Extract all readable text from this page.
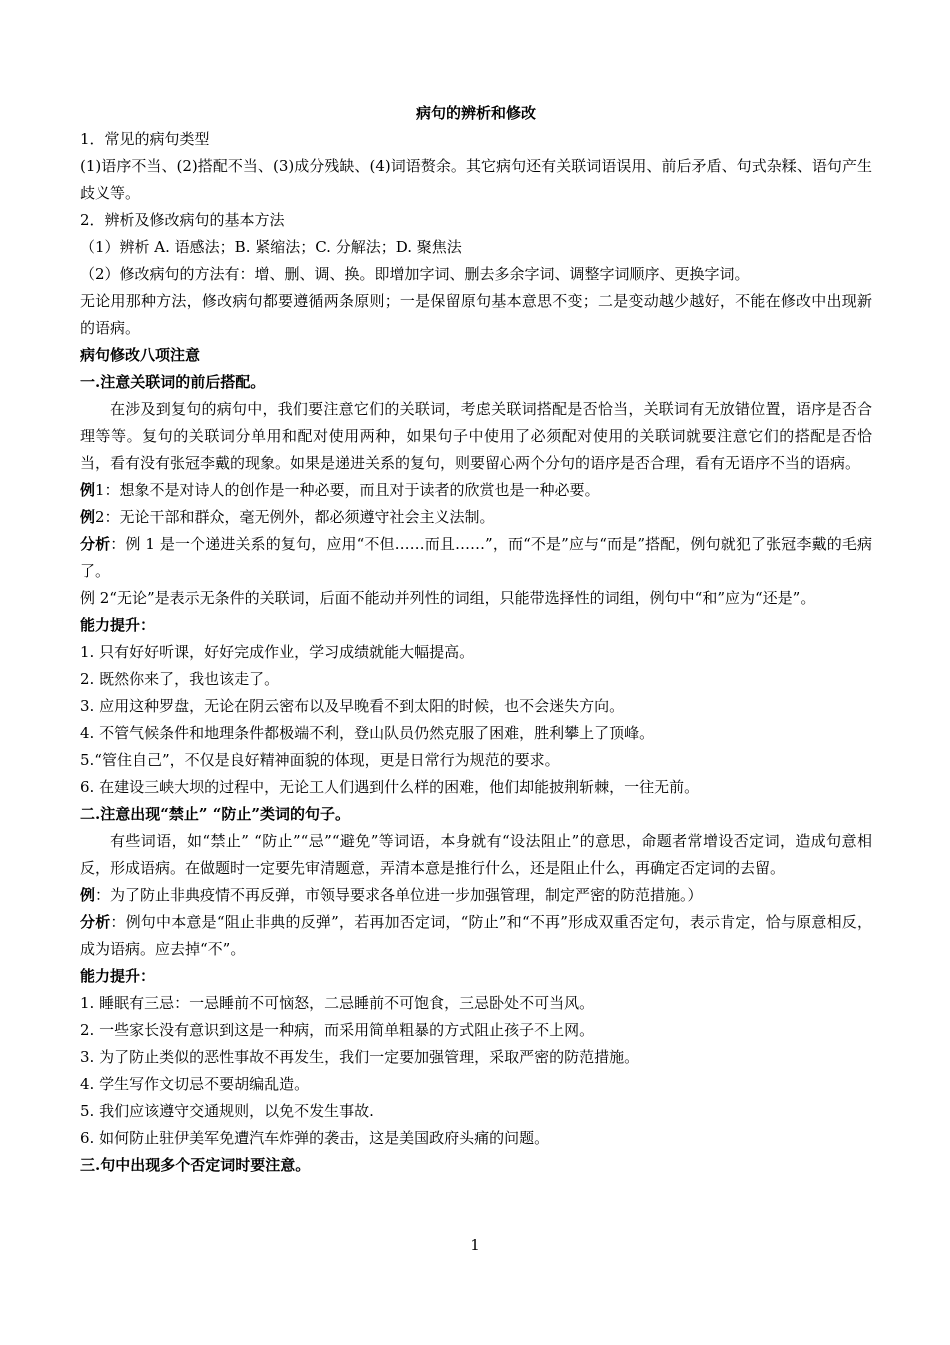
病句的辨析和修改

1．常见的病句类型

(1)语序不当、(2)搭配不当、(3)成分残缺、(4)词语赘余。其它病句还有关联词语误用、前后矛盾、句式杂糅、语句产生歧义等。

2．辨析及修改病句的基本方法

（1）辨析 A. 语感法；B. 紧缩法；C. 分解法；D. 聚焦法

（2）修改病句的方法有：增、删、调、换。即增加字词、删去多余字词、调整字词顺序、更换字词。

无论用那种方法，修改病句都要遵循两条原则；一是保留原句基本意思不变；二是变动越少越好，不能在修改中出现新的语病。

病句修改八项注意

一.注意关联词的前后搭配。

在涉及到复句的病句中，我们要注意它们的关联词，考虑关联词搭配是否恰当，关联词有无放错位置，语序是否合理等等。复句的关联词分单用和配对使用两种，如果句子中使用了必须配对使用的关联词就要注意它们的搭配是否恰当，看有没有张冠李戴的现象。如果是递进关系的复句，则要留心两个分句的语序是否合理，看有无语序不当的语病。

例1：想象不是对诗人的创作是一种必要，而且对于读者的欣赏也是一种必要。

例2：无论干部和群众，毫无例外，都必须遵守社会主义法制。

分析：例 1 是一个递进关系的复句，应用“不但……而且……”，而“不是”应与“而是”搭配，例句就犯了张冠李戴的毛病了。

例 2“无论”是表示无条件的关联词，后面不能动并列性的词组，只能带选择性的词组，例句中“和”应为“还是”。

能力提升：

1. 只有好好听课，好好完成作业，学习成绩就能大幅提高。

2. 既然你来了，我也该走了。

3. 应用这种罗盘，无论在阴云密布以及早晚看不到太阳的时候，也不会迷失方向。

4. 不管气候条件和地理条件都极端不利，登山队员仍然克服了困难，胜利攀上了顶峰。

5.“管住自己”，不仅是良好精神面貌的体现，更是日常行为规范的要求。

6. 在建设三峡大坝的过程中，无论工人们遇到什么样的困难，他们却能披荆斩棘，一往无前。

二.注意出现“禁止” “防止”类词的句子。

有些词语，如“禁止” “防止”“忌”“避免”等词语，本身就有“设法阻止”的意思，命题者常增设否定词，造成句意相反，形成语病。在做题时一定要先审清题意，弄清本意是推行什么，还是阻止什么，再确定否定词的去留。

例：为了防止非典疫情不再反弹，市领导要求各单位进一步加强管理，制定严密的防范措施。）

分析：例句中本意是“阻止非典的反弹”，若再加否定词，“防止”和“不再”形成双重否定句，表示肯定，恰与原意相反，成为语病。应去掉“不”。

能力提升：

1. 睡眠有三忌：一忌睡前不可恼怒，二忌睡前不可饱食，三忌卧处不可当风。

2. 一些家长没有意识到这是一种病，而采用简单粗暴的方式阻止孩子不上网。

3. 为了防止类似的恶性事故不再发生，我们一定要加强管理，采取严密的防范措施。

4. 学生写作文切忌不要胡编乱造。

5. 我们应该遵守交通规则，以免不发生事故.

6. 如何防止驻伊美军免遭汽车炸弹的袭击，这是美国政府头痛的问题。

三.句中出现多个否定词时要注意。

1
